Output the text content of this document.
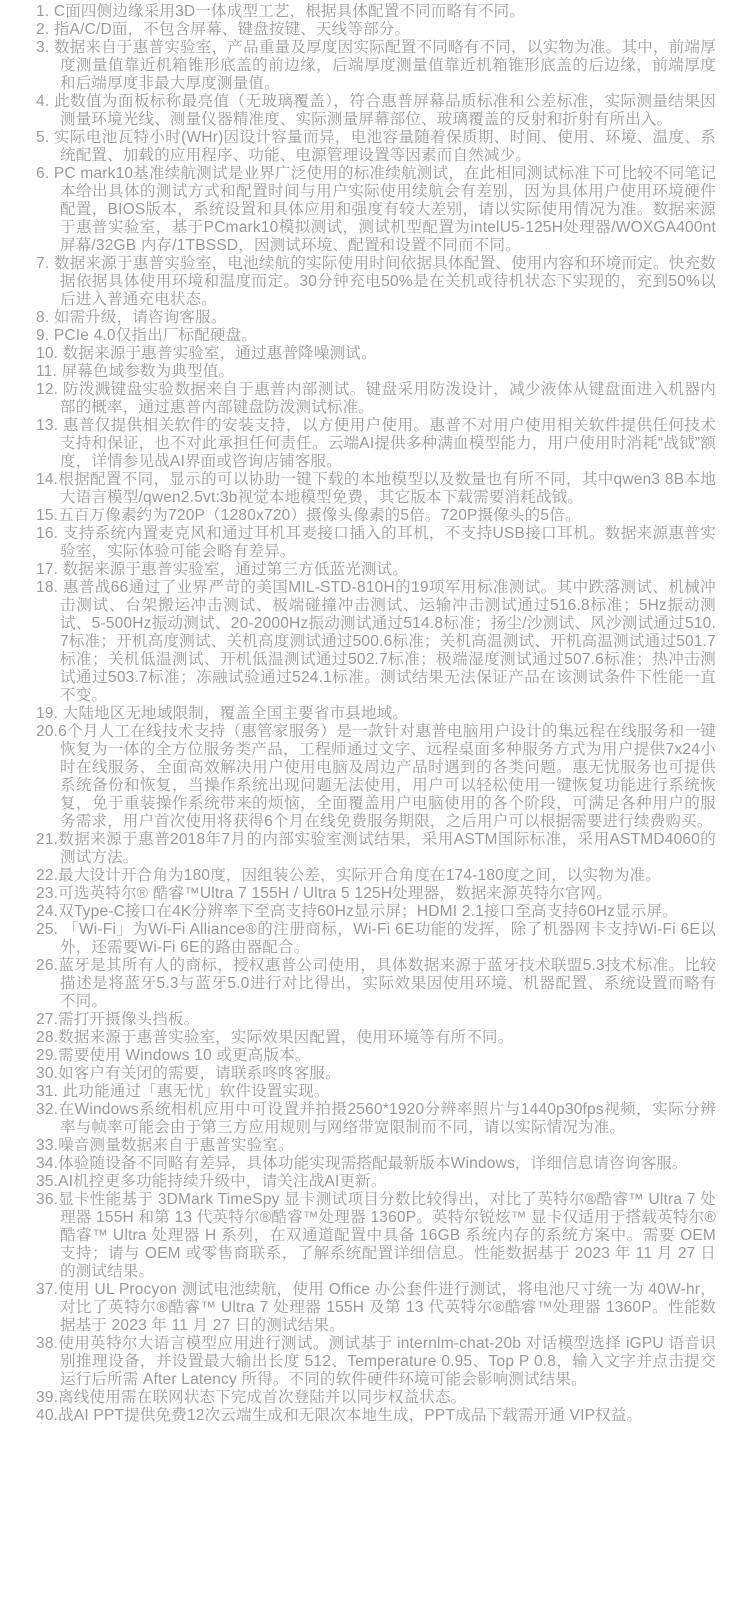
1. C面四侧边缘采用3D一体成型工艺，根据具体配置不同而略有不同。

2. 指A/C/D面，不包含屏幕、键盘按键、天线等部分。

3. 数据来自于惠普实验室，产品重量及厚度因实际配置不同略有不同，以实物为准。其中，前端厚度测量值靠近机箱锥形底盖的前边缘，后端厚度测量值靠近机箱锥形底盖的后边缘，前端厚度和后端厚度非最大厚度测量值。

4. 此数值为面板标称最亮值（无玻璃覆盖），符合惠普屏幕品质标准和公差标准，实际测量结果因测量环境光线、测量仪器精准度、实际测量屏幕部位、玻璃覆盖的反射和折射有所出入。

5. 实际电池瓦特小时(WHr)因设计容量而异，电池容量随着保质期、时间、使用、环境、温度、系统配置、加载的应用程序、功能、电源管理设置等因素而自然减少。

6. PC mark10基准续航测试是业界广泛使用的标准续航测试，在此相同测试标准下可比较不同笔记本给出具体的测试方式和配置时间与用户实际使用续航会有差别，因为具体用户使用环境硬件配置，BIOS版本，系统设置和具体应用和强度有较大差别，请以实际使用情况为准。数据来源于惠普实验室，基于PCmark10模拟测试，测试机型配置为intelU5-125H处理器/WOXGA400nt屏幕/32GB 内存/1TBSSD，因测试环境、配置和设置不同而不同。

7. 数据来源于惠普实验室，电池续航的实际使用时间依据具体配置、使用内容和环境而定。快充数据依据具体使用环境和温度而定。30分钟充电50%是在关机或待机状态下实现的，充到50%以后进入普通充电状态。

8. 如需升级，请咨询客服。

9. PCIe 4.0仅指出厂标配硬盘。

10. 数据来源于惠普实验室，通过惠普降噪测试。

11. 屏幕色域参数为典型值。

12. 防泼溅键盘实验数据来自于惠普内部测试。键盘采用防泼设计，减少液体从键盘面进入机器内部的概率，通过惠普内部键盘防泼测试标准。

13. 惠普仅提供相关软件的安装支持，以方便用户使用。惠普不对用户使用相关软件提供任何技术支持和保证，也不对此承担任何责任。云端AI提供多种满血模型能力，用户使用时消耗“战钺”额度，详情参见战AI界面或咨询店铺客服。

14.根据配置不同，显示的可以协助一键下载的本地模型以及数量也有所不同，其中qwen3 8B本地大语言模型/qwen2.5vt:3b视觉本地模型免费，其它版本下载需要消耗战钺。

15.五百万像素约为720P（1280x720）摄像头像素的5倍。720P摄像头的5倍。

16. 支持系统内置麦克风和通过耳机耳麦接口插入的耳机，不支持USB接口耳机。数据来源惠普实验室，实际体验可能会略有差异。

17. 数据来源于惠普实验室，通过第三方低蓝光测试。

18. 惠普战66通过了业界严苛的美国MIL-STD-810H的19项军用标准测试。其中跌落测试、机械冲击测试、台架搬运冲击测试、极端碰撞冲击测试、运输冲击测试通过516.8标准；5Hz振动测试、5-500Hz振动测试、20-2000Hz振动测试通过514.8标准；扬尘/沙测试、风沙测试通过510.7标准；开机高度测试、关机高度测试通过500.6标准；关机高温测试、开机高温测试通过501.7标准；关机低温测试、开机低温测试通过502.7标准；极端湿度测试通过507.6标准；热冲击测试通过503.7标准；冻融试验通过524.1标准。测试结果无法保证产品在该测试条件下性能一直不变。

19. 大陆地区无地域限制，覆盖全国主要省市县地域。

20.6个月人工在线技术支持（惠管家服务）是一款针对惠普电脑用户设计的集远程在线服务和一键恢复为一体的全方位服务类产品，工程师通过文字、远程桌面多种服务方式为用户提供7x24小时在线服务，全面高效解决用户使用电脑及周边产品时遇到的各类问题。惠无忧服务也可提供系统备份和恢复，当操作系统出现问题无法使用，用户可以轻松使用一键恢复功能进行系统恢复，免于重装操作系统带来的烦恼，全面覆盖用户电脑使用的各个阶段，可满足各种用户的服务需求，用户首次使用将获得6个月在线免费服务期限，之后用户可以根据需要进行续费购买。

21.数据来源于惠普2018年7月的内部实验室测试结果，采用ASTM国际标准，采用ASTMD4060的测试方法。

22.最大设计开合角为180度，因组装公差，实际开合角度在174-180度之间，以实物为准。

23.可选英特尔® 酷睿™Ultra 7 155H / Ultra 5 125H处理器，数据来源英特尔官网。

24.双Type-C接口在4K分辨率下至高支持60Hz显示屏；HDMI 2.1接口至高支持60Hz显示屏。

25. 「Wi-Fi」为Wi-Fi Alliance®的注册商标，Wi-Fi 6E功能的发挥，除了机器网卡支持Wi-Fi 6E以外，还需要Wi-Fi 6E的路由器配合。

26.蓝牙是其所有人的商标，授权惠普公司使用，具体数据来源于蓝牙技术联盟5.3技术标准。比较描述是将蓝牙5.3与蓝牙5.0进行对比得出，实际效果因使用环境、机器配置、系统设置而略有不同。

27.需打开摄像头挡板。

28.数据来源于惠普实验室，实际效果因配置，使用环境等有所不同。

29.需要使用 Windows 10 或更高版本。

30.如客户有关闭的需要，请联系咚咚客服。

31. 此功能通过「惠无忧」软件设置实现。

32.在Windows系统相机应用中可设置并拍摄2560*1920分辨率照片与1440p30fps视频，实际分辨率与帧率可能会由于第三方应用规则与网络带宽限制而不同，请以实际情况为准。

33.噪音测量数据来自于惠普实验室。

34.体验随设备不同略有差异，具体功能实现需搭配最新版本Windows，详细信息请咨询客服。

35.AI机控更多功能持续升级中，请关注战AI更新。

36.显卡性能基于 3DMark TimeSpy 显卡测试项目分数比较得出，对比了英特尔®酷睿™ Ultra 7 处理器 155H 和第 13 代英特尔®酷睿™处理器 1360P。英特尔锐炫™ 显卡仅适用于搭载英特尔®酷睿™ Ultra 处理器 H 系列，在双通道配置中具备 16GB 系统内存的系统方案中。需要 OEM 支持；请与 OEM 或零售商联系，了解系统配置详细信息。性能数据基于 2023 年 11 月 27 日的测试结果。

37.使用 UL Procyon 测试电池续航，使用 Office 办公套件进行测试，将电池尺寸统一为 40W-hr，对比了英特尔®酷睿™ Ultra 7 处理器 155H 及第 13 代英特尔®酷睿™处理器 1360P。性能数据基于 2023 年 11 月 27 日的测试结果。

38.使用英特尔大语言模型应用进行测试。测试基于 internlm-chat-20b 对话模型选择 iGPU 语音识别推理设备，并设置最大输出长度 512、Temperature 0.95、Top P 0.8，输入文字并点击提交运行后所需 After Latency 所得。不同的软件硬件环境可能会影响测试结果。

39.离线使用需在联网状态下完成首次登陆并以同步权益状态。

40.战AI PPT提供免费12次云端生成和无限次本地生成，PPT成品下载需开通 VIP权益。
